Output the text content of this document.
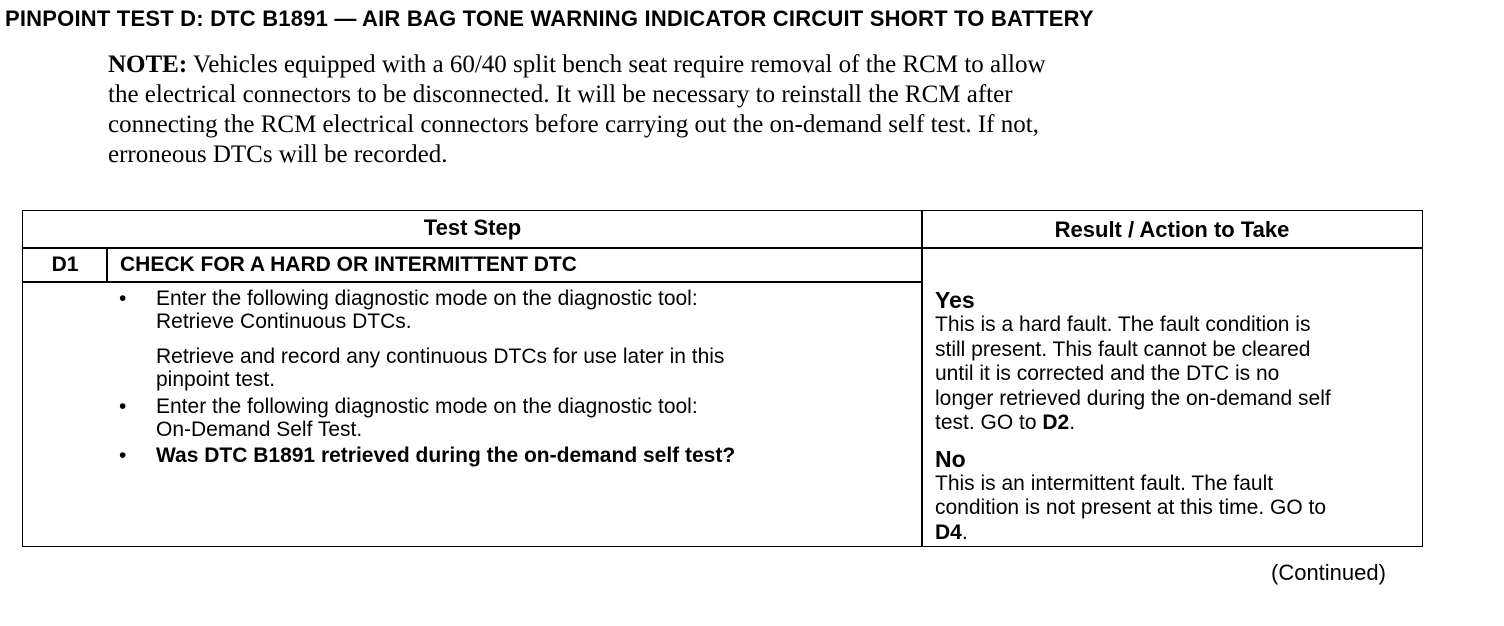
PINPOINT TEST D: DTC B1891 — AIR BAG TONE WARNING INDICATOR CIRCUIT SHORT TO BATTERY
NOTE: Vehicles equipped with a 60/40 split bench seat require removal of the RCM to allow
the electrical connectors to be disconnected. It will be necessary to reinstall the RCM after
connecting the RCM electrical connectors before carrying out the on-demand self test. If not,
erroneous DTCs will be recorded.
Test Step	Result / Action to Take
D1	CHECK FOR A HARD OR INTERMITTENT DTC
• Enter the following diagnostic mode on the diagnostic tool:
Retrieve Continuous DTCs.
Retrieve and record any continuous DTCs for use later in this
pinpoint test.
• Enter the following diagnostic mode on the diagnostic tool:
On-Demand Self Test.
• Was DTC B1891 retrieved during the on-demand self test?
Yes
This is a hard fault. The fault condition is
still present. This fault cannot be cleared
until it is corrected and the DTC is no
longer retrieved during the on-demand self
test. GO to D2.
No
This is an intermittent fault. The fault
condition is not present at this time. GO to
D4.
(Continued)
